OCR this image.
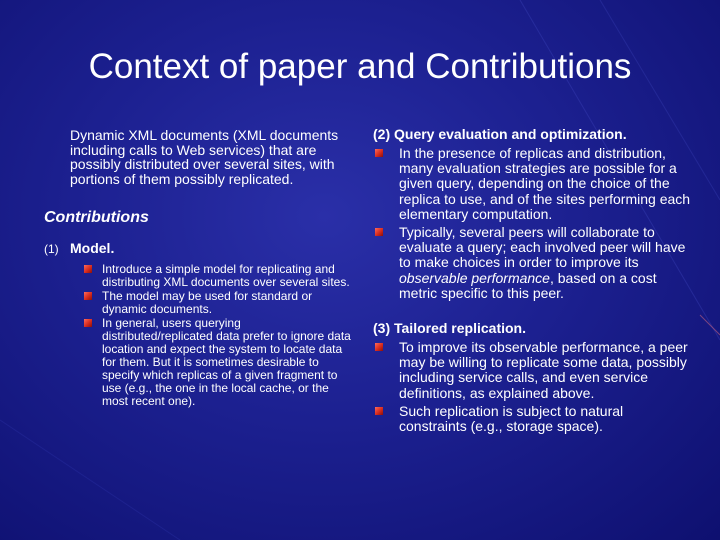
Context of paper and Contributions

Dynamic XML documents (XML documents including calls to Web services) that are possibly distributed over several sites, with portions of them possibly replicated.

Contributions
(1) Model.
Introduce a simple model for replicating and distributing XML documents over several sites.
The model may be used for standard or dynamic documents.
In general, users querying distributed/replicated data prefer to ignore data location and expect the system to locate data for them. But it is sometimes desirable to specify which replicas of a given fragment to use (e.g., the one in the local cache, or the most recent one).
(2) Query evaluation and optimization.
In the presence of replicas and distribution, many evaluation strategies are possible for a given query, depending on the choice of the replica to use, and of the sites performing each elementary computation.
Typically, several peers will collaborate to evaluate a query; each involved peer will have to make choices in order to improve its observable performance, based on a cost metric specific to this peer.
(3) Tailored replication.
To improve its observable performance, a peer may be willing to replicate some data, possibly including service calls, and even service definitions, as explained above.
Such replication is subject to natural constraints (e.g., storage space).
